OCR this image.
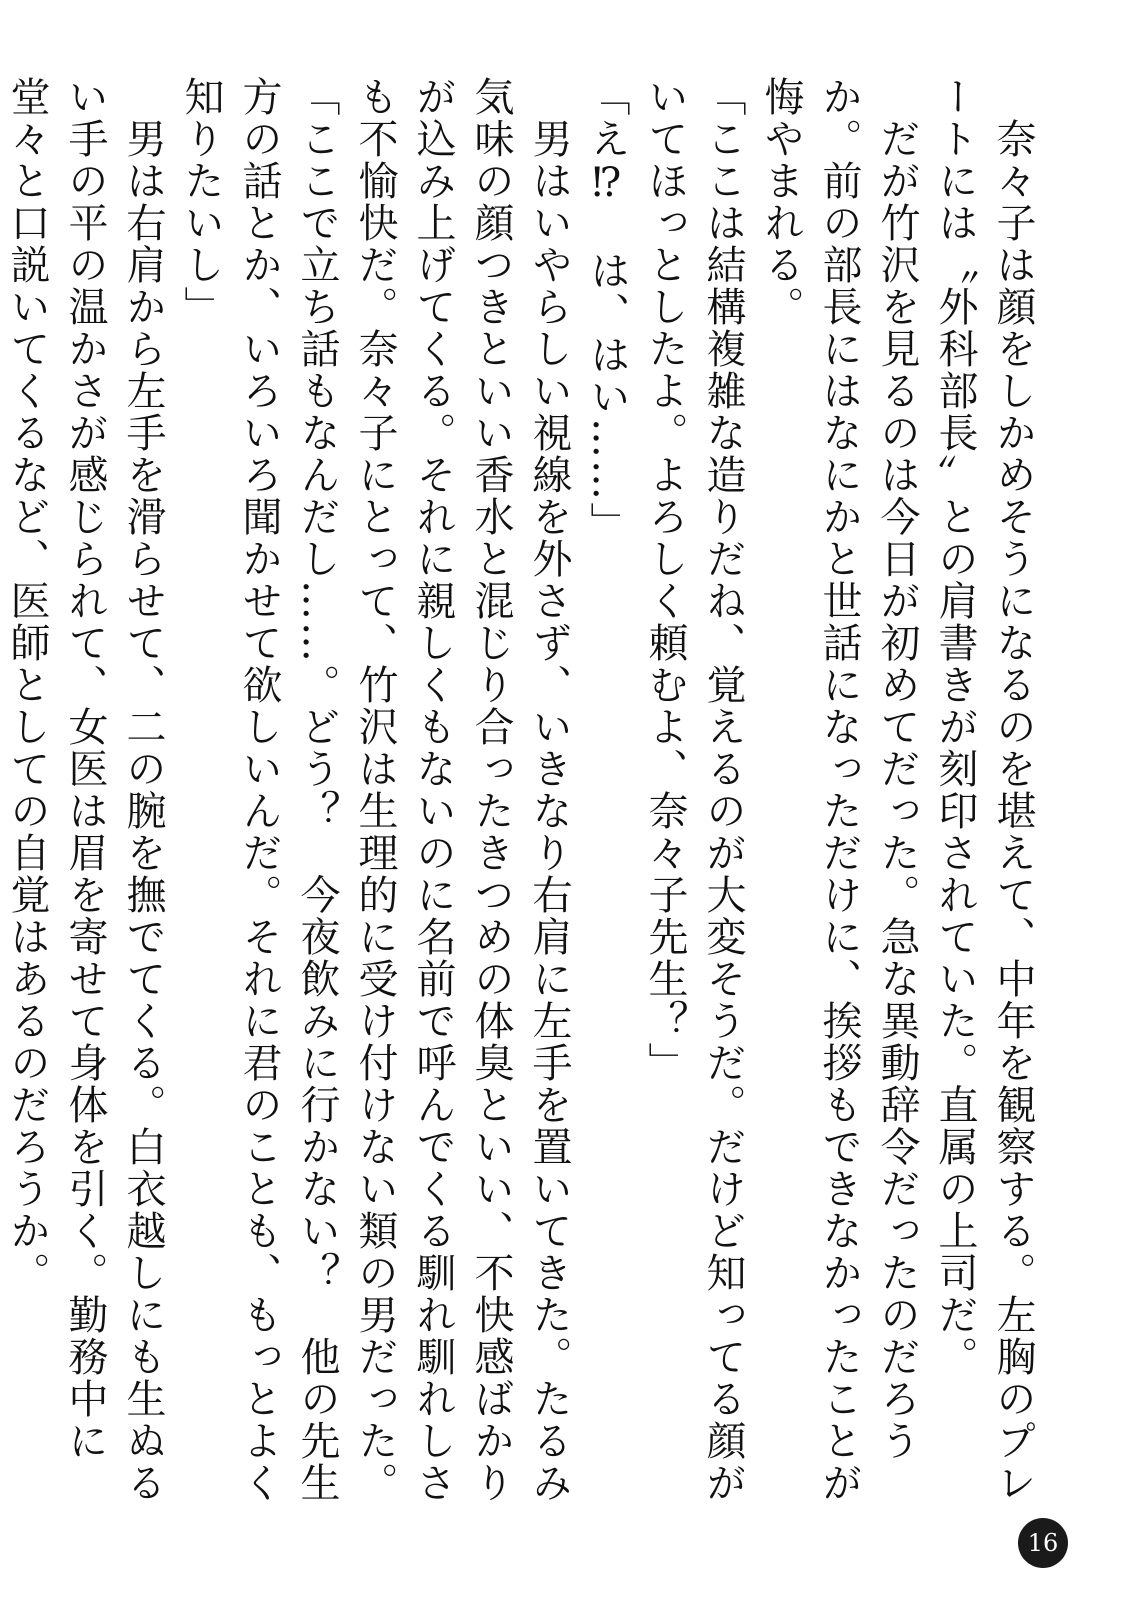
　奈々子は顔をしかめそうになるのを堪えて、中年を観察する。左胸のプレートには〝外科部長〟との肩書きが刻印されていた。直属の上司だ。

　だが竹沢を見るのは今日が初めてだった。急な異動辞令だったのだろうか。前の部長にはなにかと世話になっただけに、挨拶もできなかったことが悔やまれる。

「ここは結構複雑な造りだね、覚えるのが大変そうだ。だけど知ってる顔がいてほっとしたよ。よろしく頼むよ、奈々子先生？」

「え⁉　は、はい……」

　男はいやらしい視線を外さず、いきなり右肩に左手を置いてきた。たるみ気味の顔つきといい香水と混じり合ったきつめの体臭といい、不快感ばかりが込み上げてくる。それに親しくもないのに名前で呼んでくる馴れ馴れしさも不愉快だ。奈々子にとって、竹沢は生理的に受け付けない類の男だった。

「ここで立ち話もなんだし……。どう？　今夜飲みに行かない？　他の先生方の話とか、いろいろ聞かせて欲しいんだ。それに君のことも、もっとよく知りたいし」

　男は右肩から左手を滑らせて、二の腕を撫でてくる。白衣越しにも生ぬるい手の平の温かさが感じられて、女医は眉を寄せて身体を引く。勤務中に堂々と口説いてくるなど、医師としての自覚はあるのだろうか。

16
